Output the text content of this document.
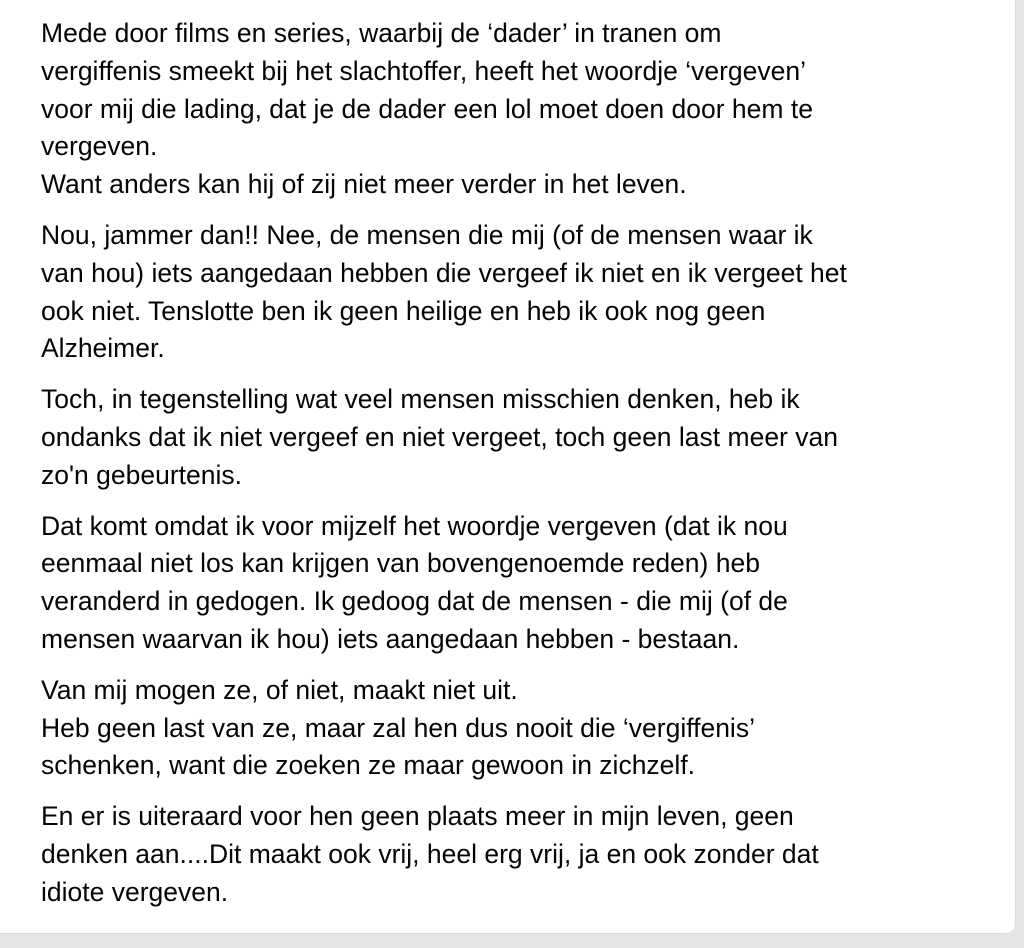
Mede door films en series, waarbij de ‘dader’ in tranen om
vergiffenis smeekt bij het slachtoffer, heeft het woordje ‘vergeven’
voor mij die lading, dat je de dader een lol moet doen door hem te
vergeven.
Want anders kan hij of zij niet meer verder in het leven.

Nou, jammer dan!! Nee, de mensen die mij (of de mensen waar ik
van hou) iets aangedaan hebben die vergeef ik niet en ik vergeet het
ook niet. Tenslotte ben ik geen heilige en heb ik ook nog geen
Alzheimer.

Toch, in tegenstelling wat veel mensen misschien denken, heb ik
ondanks dat ik niet vergeef en niet vergeet, toch geen last meer van
zo'n gebeurtenis.

Dat komt omdat ik voor mijzelf het woordje vergeven (dat ik nou
eenmaal niet los kan krijgen van bovengenoemde reden) heb
veranderd in gedogen. Ik gedoog dat de mensen - die mij (of de
mensen waarvan ik hou) iets aangedaan hebben - bestaan.

Van mij mogen ze, of niet, maakt niet uit.
Heb geen last van ze, maar zal hen dus nooit die ‘vergiffenis’
schenken, want die zoeken ze maar gewoon in zichzelf.

En er is uiteraard voor hen geen plaats meer in mijn leven, geen
denken aan....Dit maakt ook vrij, heel erg vrij, ja en ook zonder dat
idiote vergeven.
